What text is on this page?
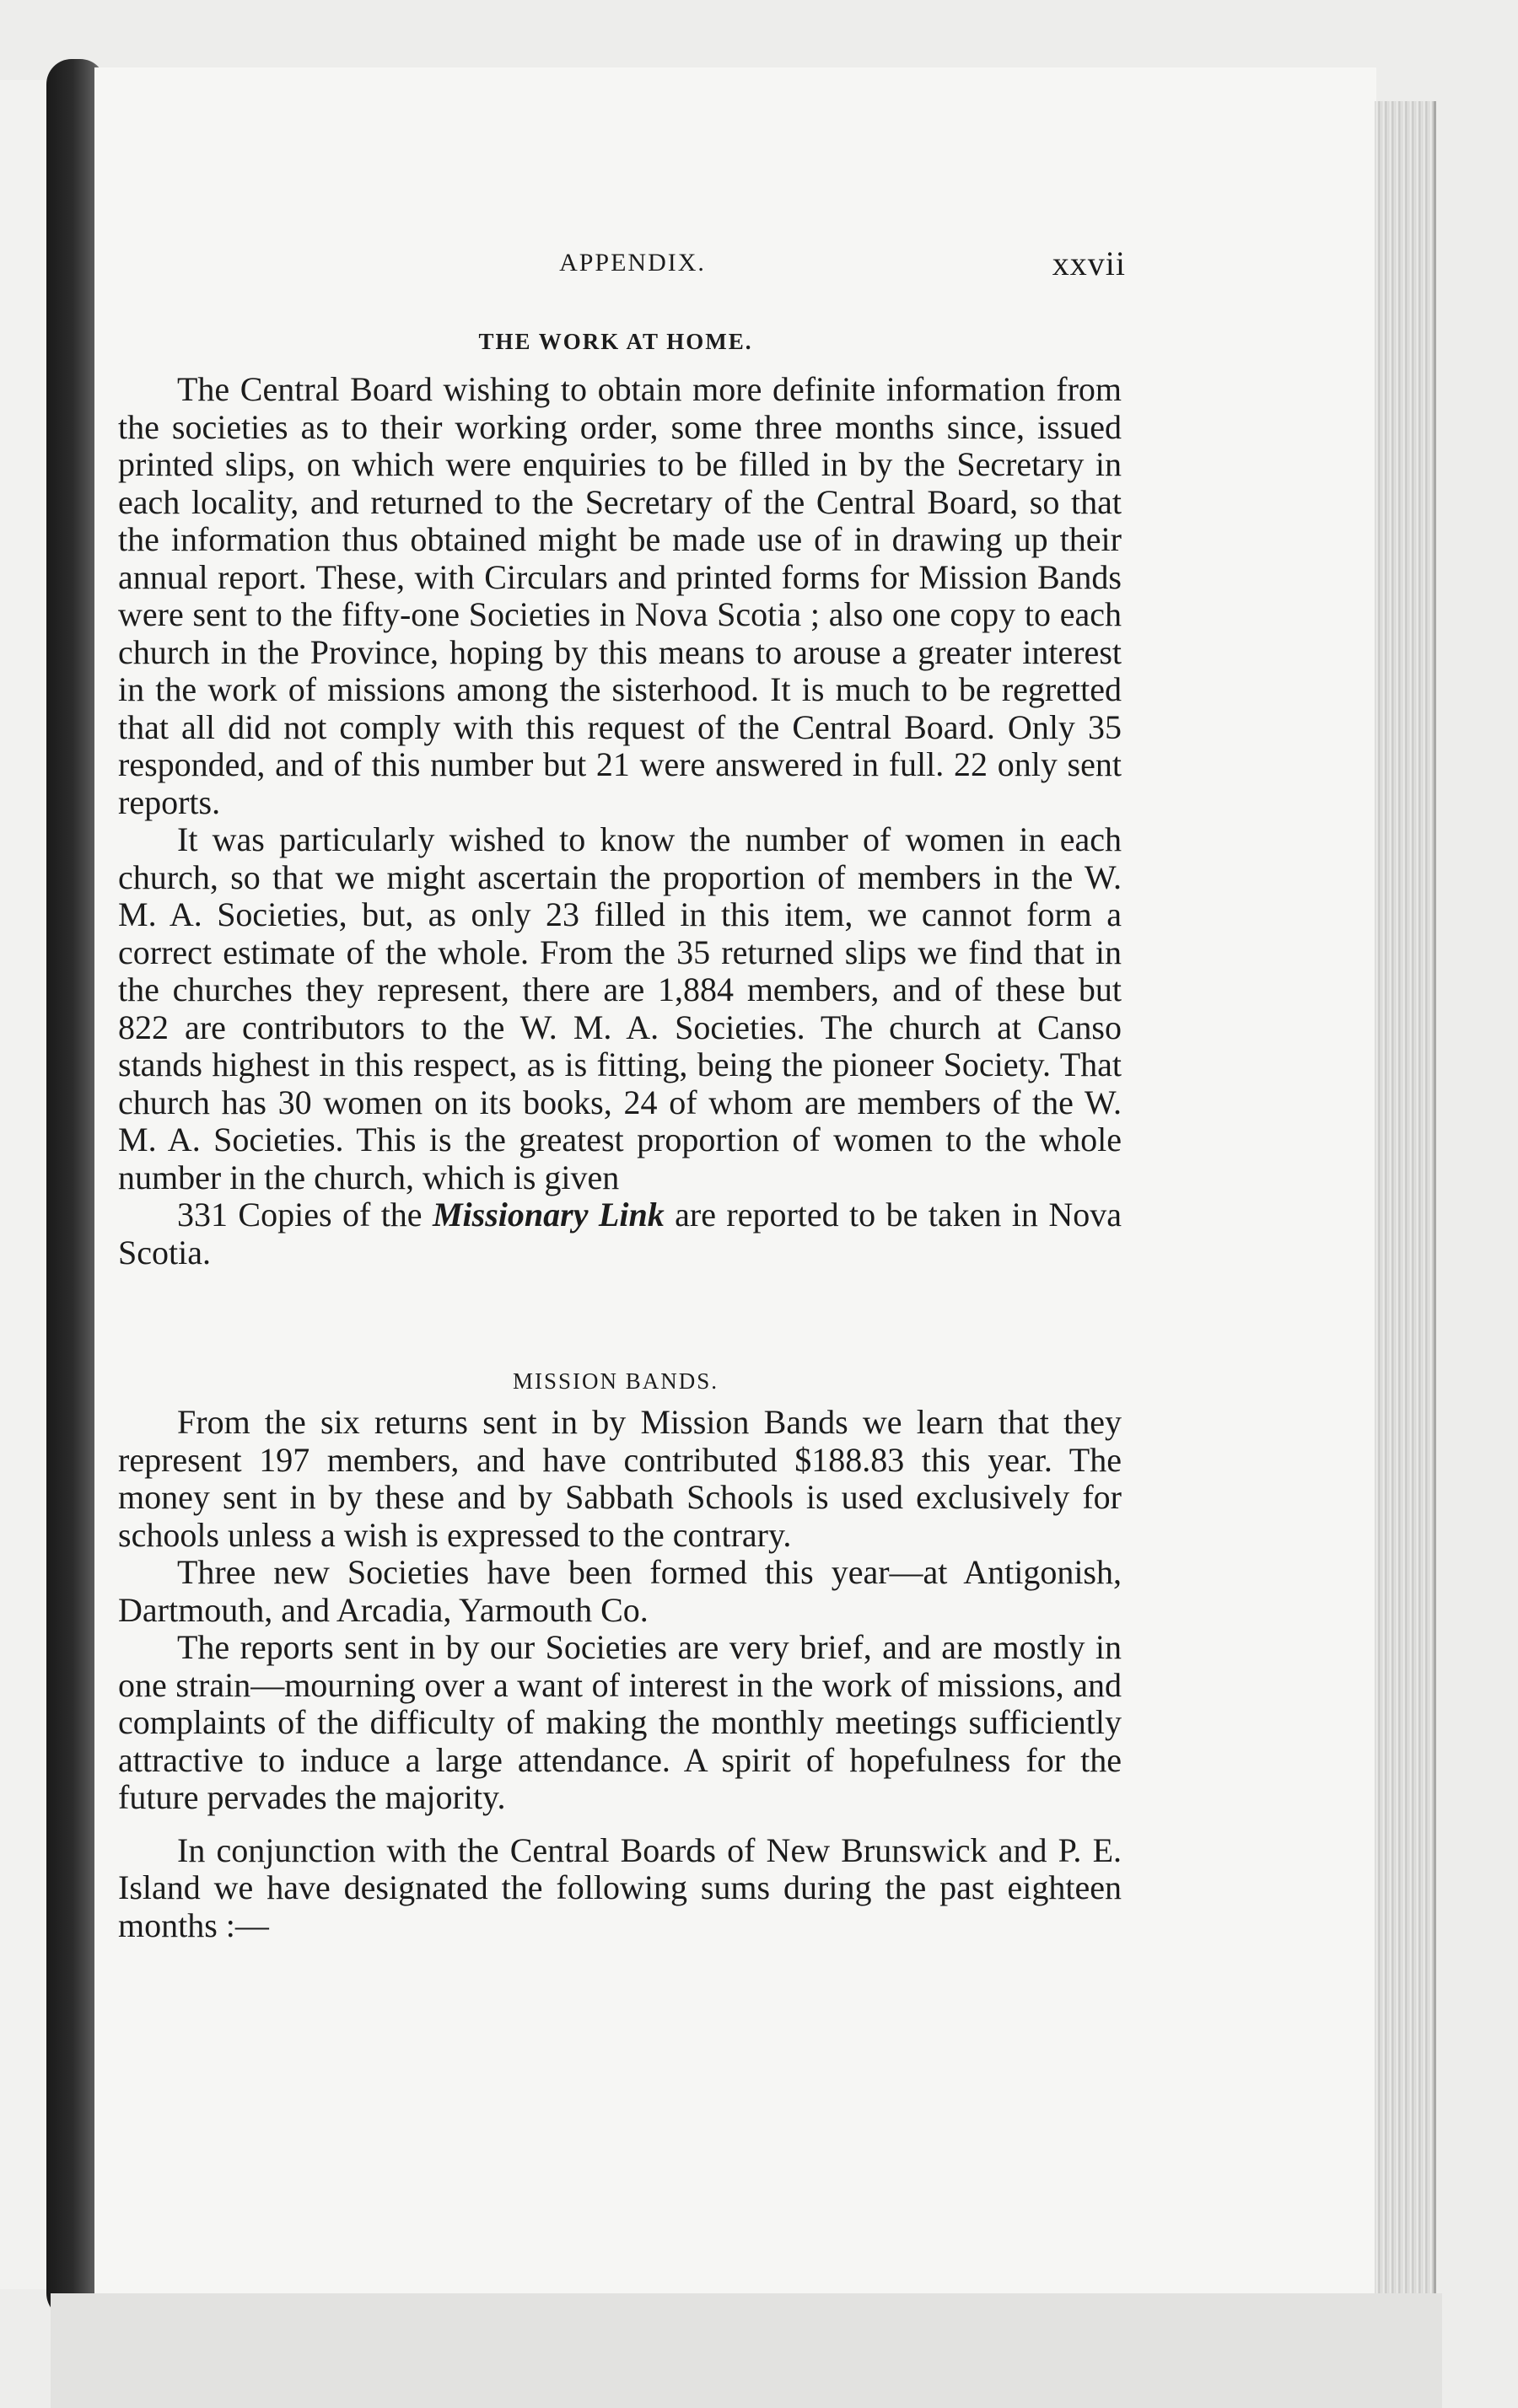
APPENDIX.	xxvii
THE WORK AT HOME.

The Central Board wishing to obtain more definite information from the societies as to their working order, some three months since, issued printed slips, on which were enquiries to be filled in by the Secretary in each locality, and returned to the Secretary of the Central Board, so that the information thus obtained might be made use of in drawing up their annual report. These, with Circulars and printed forms for Mission Bands were sent to the fifty-one Societies in Nova Scotia ; also one copy to each church in the Province, hoping by this means to arouse a greater interest in the work of missions among the sisterhood. It is much to be regretted that all did not comply with this request of the Central Board. Only 35 responded, and of this number but 21 were answered in full. 22 only sent reports.

It was particularly wished to know the number of women in each church, so that we might ascertain the proportion of members in the W. M. A. Societies, but, as only 23 filled in this item, we cannot form a correct estimate of the whole. From the 35 returned slips we find that in the churches they represent, there are 1,884 members, and of these but 822 are contributors to the W. M. A. Societies. The church at Canso stands highest in this respect, as is fitting, being the pioneer Society. That church has 30 women on its books, 24 of whom are members of the W. M. A. Societies. This is the greatest proportion of women to the whole number in the church, which is given

331 Copies of the Missionary Link are reported to be taken in Nova Scotia.

MISSION BANDS.

From the six returns sent in by Mission Bands we learn that they represent 197 members, and have contributed $188.83 this year. The money sent in by these and by Sabbath Schools is used exclusively for schools unless a wish is expressed to the contrary.

Three new Societies have been formed this year—at Antigonish, Dartmouth, and Arcadia, Yarmouth Co.

The reports sent in by our Societies are very brief, and are mostly in one strain—mourning over a want of interest in the work of missions, and complaints of the difficulty of making the monthly meetings sufficiently attractive to induce a large attendance. A spirit of hopefulness for the future pervades the majority.

In conjunction with the Central Boards of New Brunswick and P. E. Island we have designated the following sums during the past eighteen months :—
